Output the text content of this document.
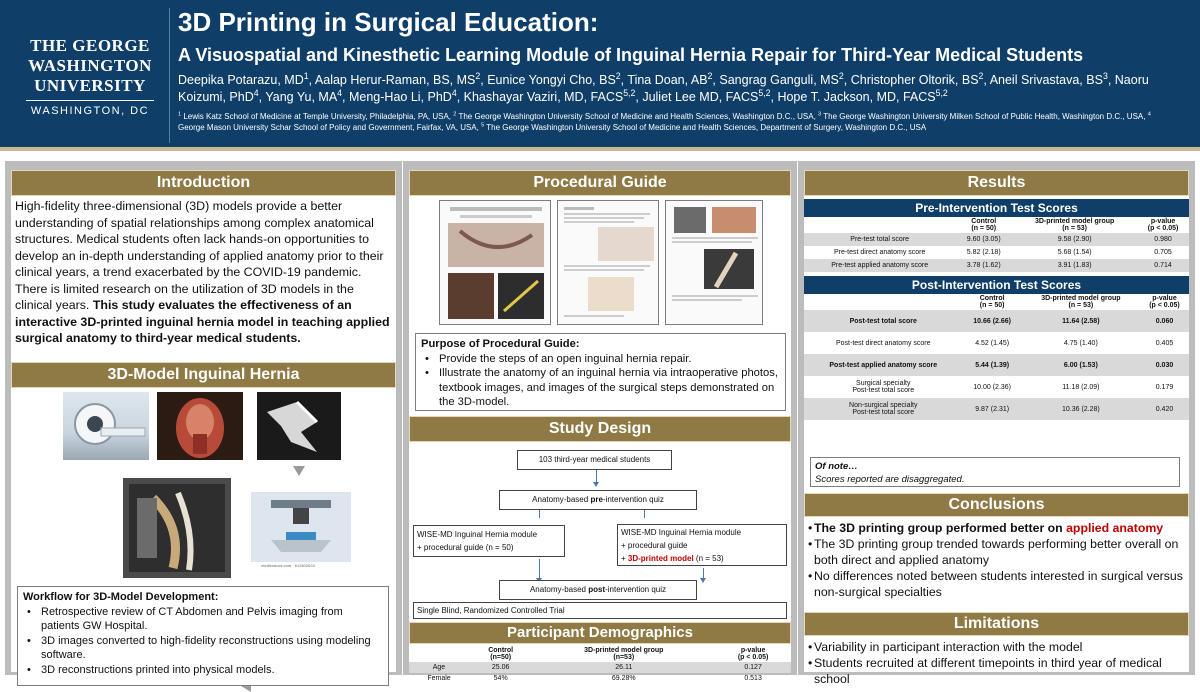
THE GEORGE
WASHINGTON
UNIVERSITY
WASHINGTON, DC
3D Printing in Surgical Education:
A Visuospatial and Kinesthetic Learning Module of Inguinal Hernia Repair for Third-Year Medical Students
Deepika Potarazu, $MD^1$, Aalap Herur-Raman, BS, $MS^2$, Eunice Yongyi Cho, $BS^2$, Tina Doan, $AB^2$, Sangrag Ganguli, $MS^2$, Christopher Oltorik, $BS^2$, Aneil Srivastava, $BS^3$, Naoru Koizumi, PhD$^4$, Yang Yu, $MA^4$, Meng-Hao Li, PhD$^4$, Khashayar Vaziri, MD, FACS$^{5,2}$, Juliet Lee MD, FACS$^{5,2}$, Hope T. Jackson, MD, FACS$^{5,2}$
$^1$ Lewis Katz School of Medicine at Temple University, Philadelphia, PA, USA, $^2$ The George Washington University School of Medicine and Health Sciences, Washington D.C., USA, $^3$ The George Washington University Milken School of Public Health, Washington D.C., USA, $^4$ George Mason University Schar School of Policy and Government, Fairfax, VA, USA, $^5$ The George Washington University School of Medicine and Health Sciences, Department of Surgery, Washington D.C., USA
Introduction
High-fidelity three-dimensional (3D) models provide a better understanding of spatial relationships among complex anatomical structures. Medical students often lack hands-on opportunities to develop an in-depth understanding of applied anatomy prior to their clinical years, a trend exacerbated by the COVID-19 pandemic. There is limited research on the utilization of 3D models in the clinical years. This study evaluates the effectiveness of an interactive 3D-printed inguinal hernia model in teaching applied surgical anatomy to third-year medical students.
3D-Model Inguinal Hernia
shutterstock.com · 612602633
Workflow for 3D-Model Development:
• Retrospective review of CT Abdomen and Pelvis imaging from patients GW Hospital.
• 3D images converted to high-fidelity reconstructions using modeling software.
• 3D reconstructions printed into physical models.
Procedural Guide
Purpose of Procedural Guide:
• Provide the steps of an open inguinal hernia repair.
• Illustrate the anatomy of an inguinal hernia via intraoperative photos, textbook images, and images of the surgical steps demonstrated on the 3D-model.
Study Design
103 third-year medical students
Anatomy-based pre-intervention quiz
WISE-MD Inguinal Hernia module
+ procedural guide (n = 50)
WISE-MD Inguinal Hernia module
+ procedural guide
+ 3D-printed model (n = 53)
Anatomy-based post-intervention quiz
Single Blind, Randomized Controlled Trial
Participant Demographics
	Control
(n=50)	3D-printed model group
(n=53)	p-value
(p < 0.05)
Age	25.06	26.11	0.127
Female	54%	69.28%	0.513
Results
Pre-Intervention Test Scores
	Control
(n = 50)	3D-printed model group
(n = 53)	p-value
(p < 0.05)
Pre-test total score	9.60 (3.05)	9.58 (2.90)	0.980
Pre-test direct anatomy score	5.82 (2.18)	5.68 (1.54)	0.705
Pre-test applied anatomy score	3.78 (1.62)	3.91 (1.83)	0.714
Post-Intervention Test Scores
	Control
(n = 50)	3D-printed model group
(n = 53)	p-value
(p < 0.05)
Post-test total score	10.66 (2.66)	11.64 (2.58)	0.060
Post-test direct anatomy score	4.52 (1.45)	4.75 (1.40)	0.405
Post-test applied anatomy score	5.44 (1.39)	6.00 (1.53)	0.030
Surgical specialty
Post-test total score	10.00 (2.36)	11.18 (2.09)	0.179
Non-surgical specialty
Post-test total score	9.87 (2.31)	10.36 (2.28)	0.420
Of note…
Scores reported are disaggregated.
Conclusions
• The 3D printing group performed better on applied anatomy
• The 3D printing group trended towards performing better overall on both direct and applied anatomy
• No differences noted between students interested in surgical versus non-surgical specialties
Limitations
• Variability in participant interaction with the model
• Students recruited at different timepoints in third year of medical school
